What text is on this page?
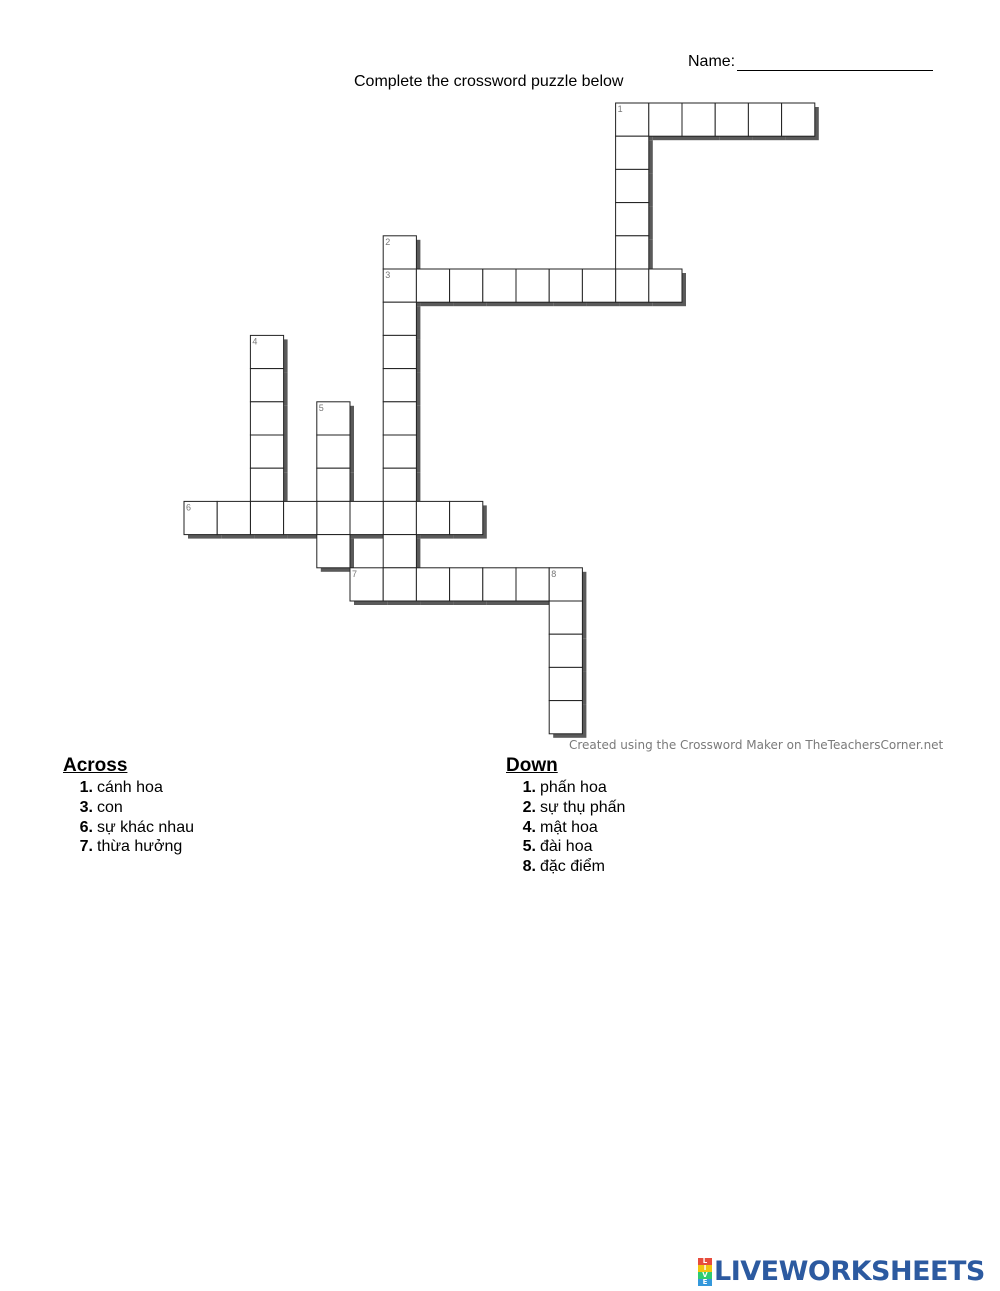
Name:
Complete the crossword puzzle below
1
2
3
4
5
6
7	8
Created using the Crossword Maker on TheTeachersCorner.net
Across
1. cánh hoa
3. con
6. sự khác nhau
7. thừa hưởng
Down
1. phấn hoa
2. sự thụ phấn
4. mật hoa
5. đài hoa
8. đặc điểm
L
I
V
E LIVEWORKSHEETS
